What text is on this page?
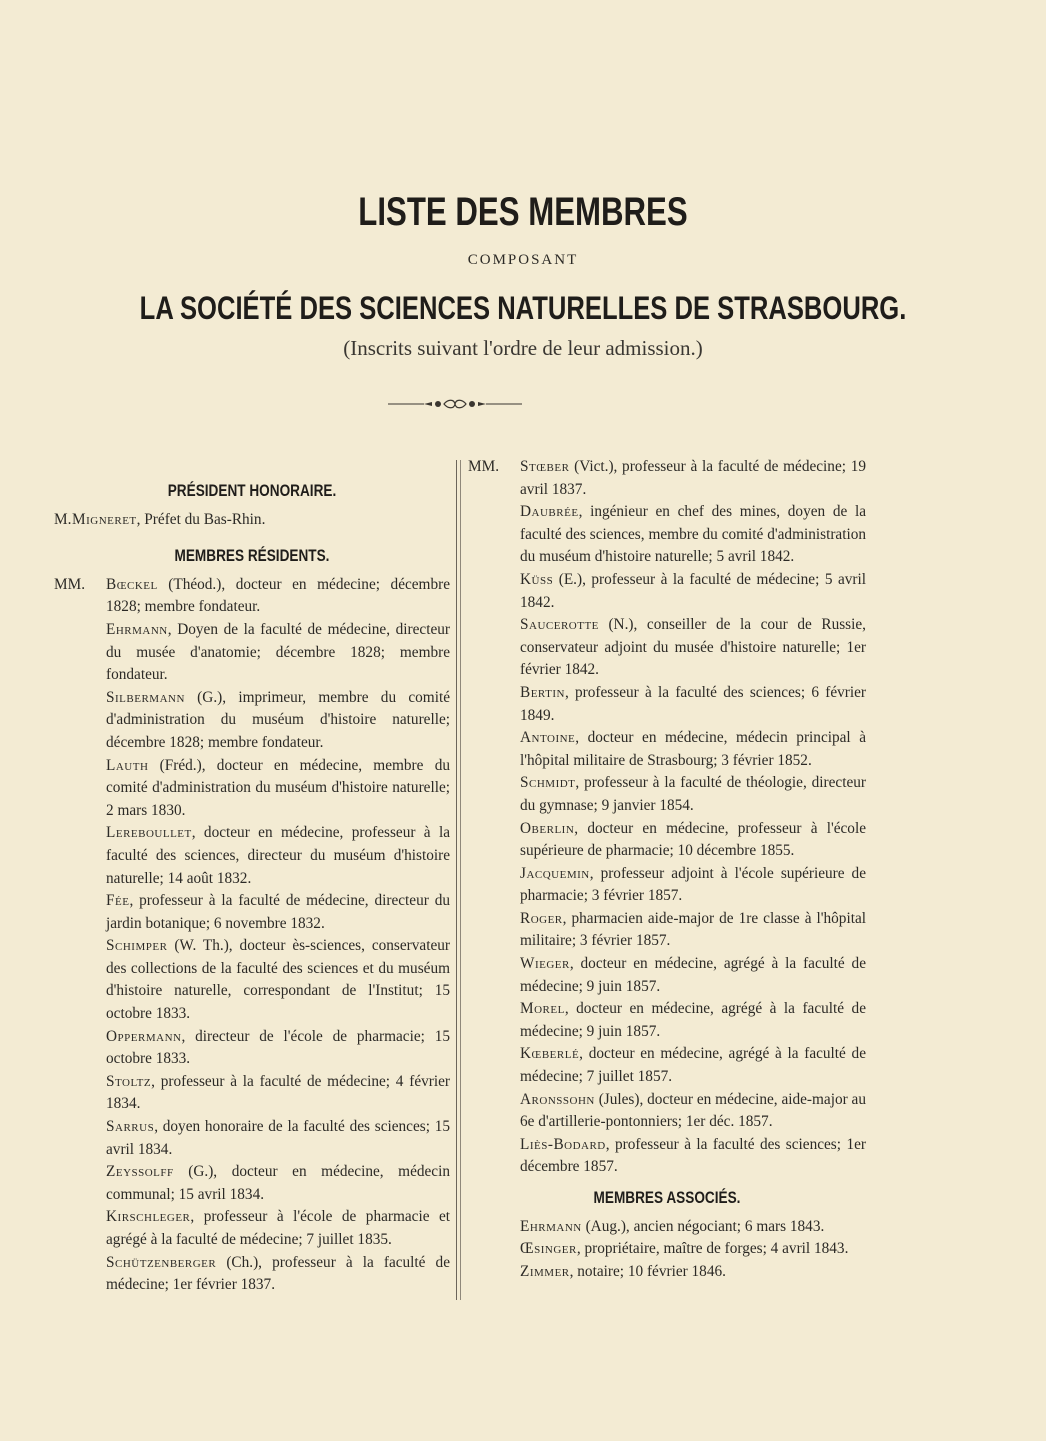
LISTE DES MEMBRES
COMPOSANT
LA SOCIÉTÉ DES SCIENCES NATURELLES DE STRASBOURG.
(Inscrits suivant l'ordre de leur admission.)
PRÉSIDENT HONORAIRE.

M.Migneret, Préfet du Bas-Rhin.

MEMBRES RÉSIDENTS.

MM. Bœckel (Théod.), docteur en médecine; décembre 1828; membre fondateur.

Ehrmann, Doyen de la faculté de médecine, directeur du musée d'anatomie; décembre 1828; membre fondateur.

Silbermann (G.), imprimeur, membre du comité d'administration du muséum d'histoire naturelle; décembre 1828; membre fondateur.

Lauth (Fréd.), docteur en médecine, membre du comité d'administration du muséum d'histoire naturelle; 2 mars 1830.

Lereboullet, docteur en médecine, professeur à la faculté des sciences, directeur du muséum d'histoire naturelle; 14 août 1832.

Fée, professeur à la faculté de médecine, directeur du jardin botanique; 6 novembre 1832.

Schimper (W. Th.), docteur ès-sciences, conservateur des collections de la faculté des sciences et du muséum d'histoire naturelle, correspondant de l'Institut; 15 octobre 1833.

Oppermann, directeur de l'école de pharmacie; 15 octobre 1833.

Stoltz, professeur à la faculté de médecine; 4 février 1834.

Sarrus, doyen honoraire de la faculté des sciences; 15 avril 1834.

Zeyssolff (G.), docteur en médecine, médecin communal; 15 avril 1834.

Kirschleger, professeur à l'école de pharmacie et agrégé à la faculté de médecine; 7 juillet 1835.

Schützenberger (Ch.), professeur à la faculté de médecine; 1er février 1837.

MM. Stœber (Vict.), professeur à la faculté de médecine; 19 avril 1837.

Daubrée, ingénieur en chef des mines, doyen de la faculté des sciences, membre du comité d'administration du muséum d'histoire naturelle; 5 avril 1842.

Küss (E.), professeur à la faculté de médecine; 5 avril 1842.

Saucerotte (N.), conseiller de la cour de Russie, conservateur adjoint du musée d'histoire naturelle; 1er février 1842.

Bertin, professeur à la faculté des sciences; 6 février 1849.

Antoine, docteur en médecine, médecin principal à l'hôpital militaire de Strasbourg; 3 février 1852.

Schmidt, professeur à la faculté de théologie, directeur du gymnase; 9 janvier 1854.

Oberlin, docteur en médecine, professeur à l'école supérieure de pharmacie; 10 décembre 1855.

Jacquemin, professeur adjoint à l'école supérieure de pharmacie; 3 février 1857.

Roger, pharmacien aide-major de 1re classe à l'hôpital militaire; 3 février 1857.

Wieger, docteur en médecine, agrégé à la faculté de médecine; 9 juin 1857.

Morel, docteur en médecine, agrégé à la faculté de médecine; 9 juin 1857.

Kœberlé, docteur en médecine, agrégé à la faculté de médecine; 7 juillet 1857.

Aronssohn (Jules), docteur en médecine, aide-major au 6e d'artillerie-pontonniers; 1er déc. 1857.

Liès-Bodard, professeur à la faculté des sciences; 1er décembre 1857.

MEMBRES ASSOCIÉS.

Ehrmann (Aug.), ancien négociant; 6 mars 1843.

Œsinger, propriétaire, maître de forges; 4 avril 1843.

Zimmer, notaire; 10 février 1846.
